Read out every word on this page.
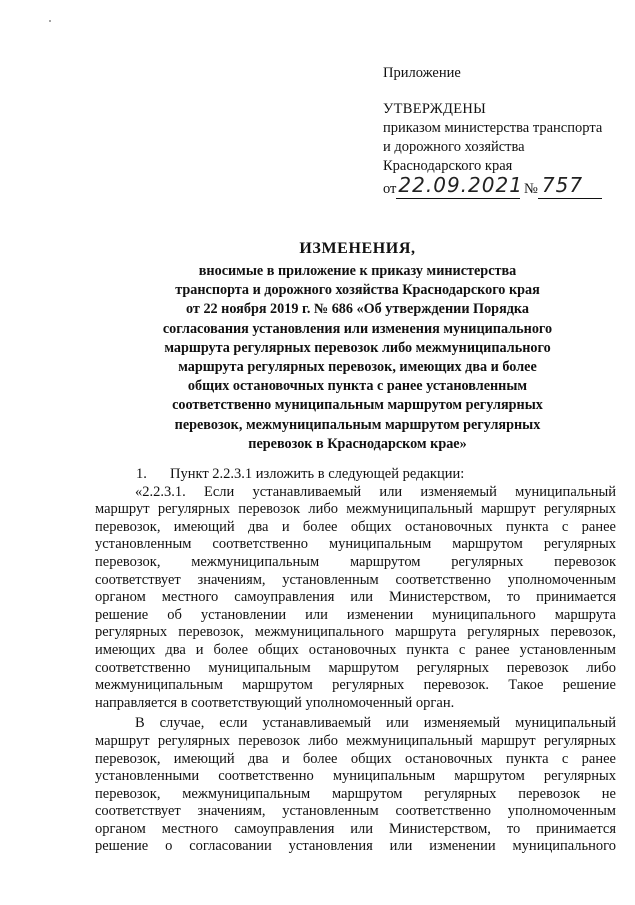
Приложение

УТВЕРЖДЕНЫ

приказом министерства транспорта

и дорожного хозяйства

Краснодарского края

от 22.09.2021 № 757

ИЗМЕНЕНИЯ,

вносимые в приложение к приказу министерства

транспорта и дорожного хозяйства Краснодарского края

от 22 ноября 2019 г. № 686 «Об утверждении Порядка

согласования установления или изменения муниципального

маршрута регулярных перевозок либо межмуниципального

маршрута регулярных перевозок, имеющих два и более

общих остановочных пункта с ранее установленным

соответственно муниципальным маршрутом регулярных

перевозок, межмуниципальным маршрутом регулярных

перевозок в Краснодарском крае»

1. Пункт 2.2.3.1 изложить в следующей редакции:

«2.2.3.1. Если устанавливаемый или изменяемый муниципальный
маршрут регулярных перевозок либо межмуниципальный маршрут регулярных
перевозок, имеющий два и более общих остановочных пункта с ранее
установленным соответственно муниципальным маршрутом регулярных
перевозок, межмуниципальным маршрутом регулярных перевозок
соответствует значениям, установленным соответственно уполномоченным
органом местного самоуправления или Министерством, то принимается
решение об установлении или изменении муниципального маршрута
регулярных перевозок, межмуниципального маршрута регулярных перевозок,
имеющих два и более общих остановочных пункта с ранее установленным
соответственно муниципальным маршрутом регулярных перевозок либо
межмуниципальным маршрутом регулярных перевозок. Такое решение
направляется в соответствующий уполномоченный орган.

В случае, если устанавливаемый или изменяемый муниципальный
маршрут регулярных перевозок либо межмуниципальный маршрут регулярных
перевозок, имеющий два и более общих остановочных пункта с ранее
установленными соответственно муниципальным маршрутом регулярных
перевозок, межмуниципальным маршрутом регулярных перевозок не
соответствует значениям, установленным соответственно уполномоченным
органом местного самоуправления или Министерством, то принимается
решение о согласовании установления или изменении муниципального
